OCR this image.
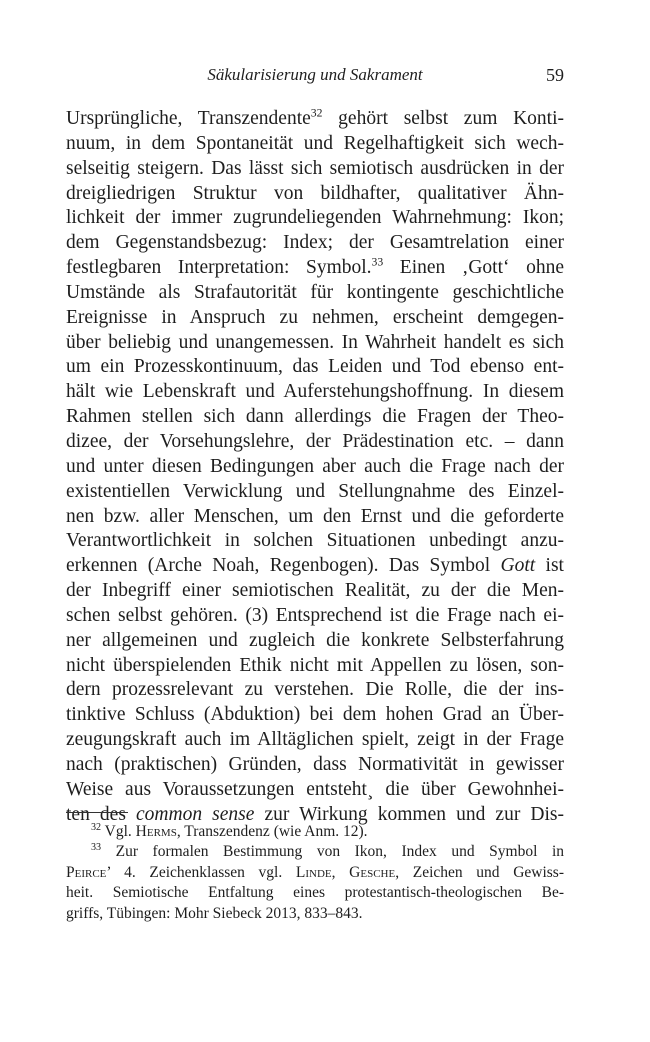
Säkularisierung und Sakrament	59
Ursprüngliche, Transzendente$^{32}$ gehört selbst zum Konti-
nuum, in dem Spontaneität und Regelhaftigkeit sich wech-
selseitig steigern. Das lässt sich semiotisch ausdrücken in der
dreigliedrigen Struktur von bildhafter, qualitativer Ähn-
lichkeit der immer zugrundeliegenden Wahrnehmung: Ikon;
dem Gegenstandsbezug: Index; der Gesamtrelation einer
festlegbaren Interpretation: Symbol.$^{33}$ Einen ‚Gott‘ ohne
Umstände als Strafautorität für kontingente geschichtliche
Ereignisse in Anspruch zu nehmen, erscheint demgegen-
über beliebig und unangemessen. In Wahrheit handelt es sich
um ein Prozesskontinuum, das Leiden und Tod ebenso ent-
hält wie Lebenskraft und Auferstehungshoffnung. In diesem
Rahmen stellen sich dann allerdings die Fragen der Theo-
dizee, der Vorsehungslehre, der Prädestination etc. – dann
und unter diesen Bedingungen aber auch die Frage nach der
existentiellen Verwicklung und Stellungnahme des Einzel-
nen bzw. aller Menschen, um den Ernst und die geforderte
Verantwortlichkeit in solchen Situationen unbedingt anzu-
erkennen (Arche Noah, Regenbogen). Das Symbol Gott ist
der Inbegriff einer semiotischen Realität, zu der die Men-
schen selbst gehören. (3) Entsprechend ist die Frage nach ei-
ner allgemeinen und zugleich die konkrete Selbsterfahrung
nicht überspielenden Ethik nicht mit Appellen zu lösen, son-
dern prozessrelevant zu verstehen. Die Rolle, die der ins-
tinktive Schluss (Abduktion) bei dem hohen Grad an Über-
zeugungskraft auch im Alltäglichen spielt, zeigt in der Frage
nach (praktischen) Gründen, dass Normativität in gewisser
Weise aus Voraussetzungen entsteht¸ die über Gewohnhei-
ten des common sense zur Wirkung kommen und zur Dis-
$^{32}$ Vgl. Herms, Transzendenz (wie Anm. 12).
$^{33}$ Zur formalen Bestimmung von Ikon, Index und Symbol in
Peirce’ 4. Zeichenklassen vgl. Linde, Gesche, Zeichen und Gewiss-
heit. Semiotische Entfaltung eines protestantisch-theologischen Be-
griffs, Tübingen: Mohr Siebeck 2013, 833–843.
